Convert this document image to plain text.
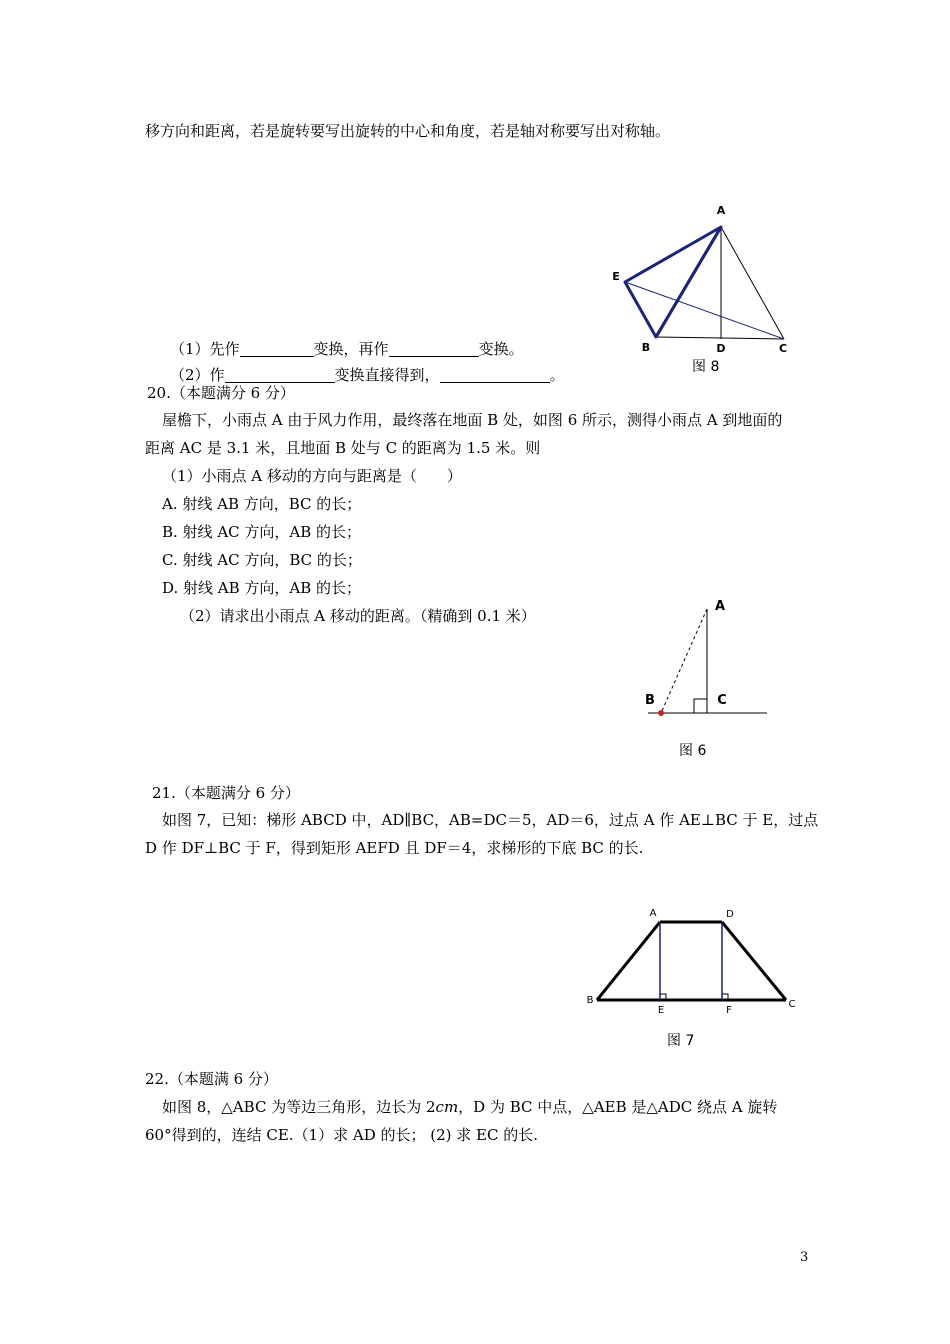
移方向和距离，若是旋转要写出旋转的中心和角度，若是轴对称要写出对称轴。
A
E
B	D	C
图 8
（1）先作	变换，再作	变换。
（2）作	变换直接得到，	。
20.（本题满分 6 分）
屋檐下，小雨点 A 由于风力作用，最终落在地面 B 处，如图 6 所示，测得小雨点 A 到地面的
距离 AC 是 3.1 米，且地面 B 处与 C 的距离为 1.5 米。则
（1）小雨点 A 移动的方向与距离是（　　）
A. 射线 AB 方向，BC 的长；
B. 射线 AC 方向，AB 的长；
C. 射线 AC 方向，BC 的长；
D. 射线 AB 方向，AB 的长；
（2）请求出小雨点 A 移动的距离。（精确到 0.1 米）
A
B	C
图 6
21.（本题满分 6 分）
如图 7，已知：梯形 ABCD 中，AD∥BC，AB=DC＝5，AD＝6，过点 A 作 AE⊥BC 于 E，过点
D 作 DF⊥BC 于 F，得到矩形 AEFD 且 DF＝4，求梯形的下底 BC 的长.
A	D
B
E	F
C
图 7
22.（本题满 6 分）
如图 8，△ABC 为等边三角形，边长为 2cm，D 为 BC 中点，△AEB 是△ADC 绕点 A 旋转
60°得到的，连结 CE.（1）求 AD 的长； (2) 求 EC 的长.
3
